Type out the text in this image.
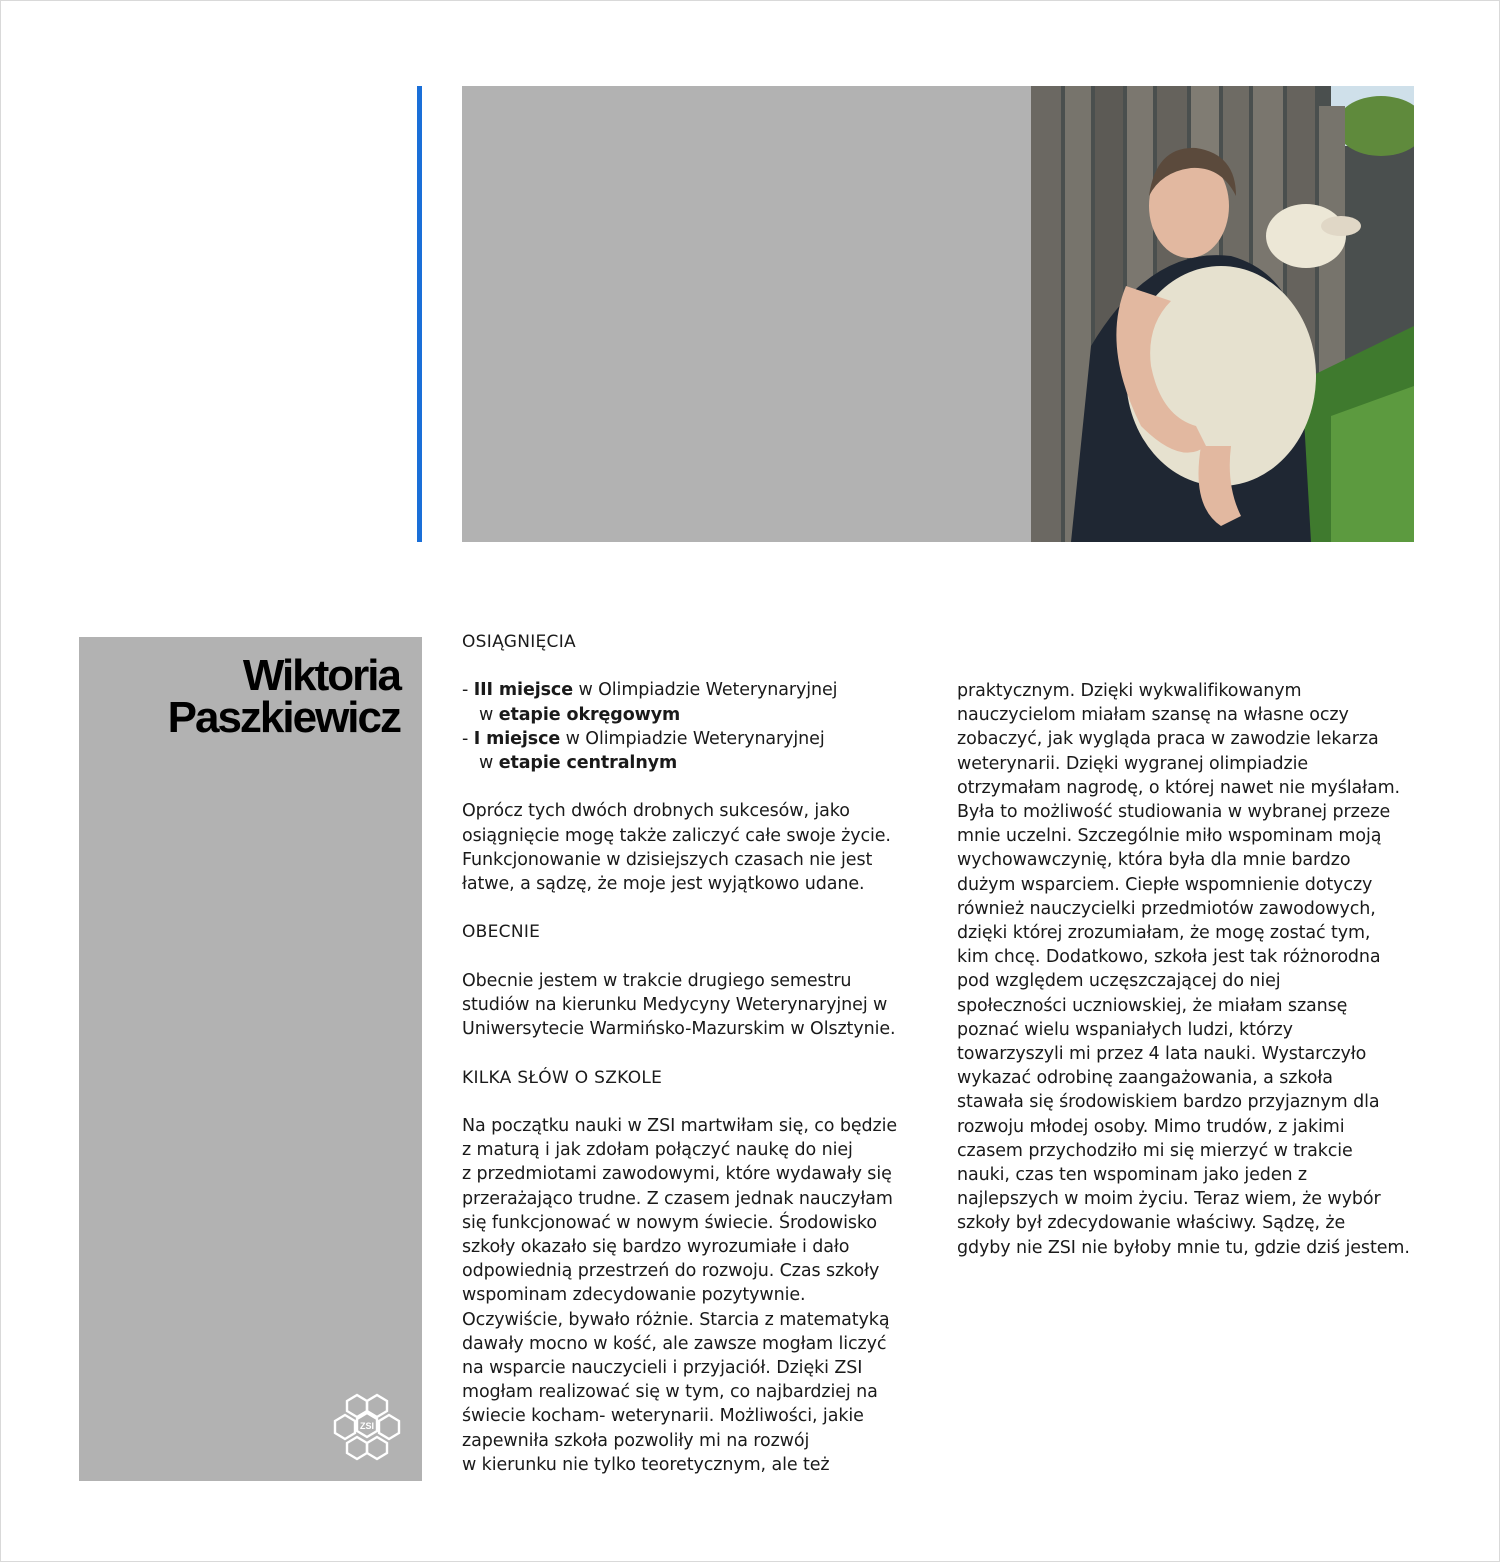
Wiktoria
Paszkiewicz
ZSI

OSIĄGNIĘCIA

- III miejsce w Olimpiadzie Weterynaryjnej
w etapie okręgowym
- I miejsce w Olimpiadzie Weterynaryjnej
w etapie centralnym
Oprócz tych dwóch drobnych sukcesów, jako
osiągnięcie mogę także zaliczyć całe swoje życie.
Funkcjonowanie w dzisiejszych czasach nie jest
łatwe, a sądzę, że moje jest wyjątkowo udane.

OBECNIE

Obecnie jestem w trakcie drugiego semestru
studiów na kierunku Medycyny Weterynaryjnej w
Uniwersytecie Warmińsko-Mazurskim w Olsztynie.

KILKA SŁÓW O SZKOLE

Na początku nauki w ZSI martwiłam się, co będzie
z maturą i jak zdołam połączyć naukę do niej
z przedmiotami zawodowymi, które wydawały się
przerażająco trudne. Z czasem jednak nauczyłam
się funkcjonować w nowym świecie. Środowisko
szkoły okazało się bardzo wyrozumiałe i dało
odpowiednią przestrzeń do rozwoju. Czas szkoły
wspominam zdecydowanie pozytywnie.
Oczywiście, bywało różnie. Starcia z matematyką
dawały mocno w kość, ale zawsze mogłam liczyć
na wsparcie nauczycieli i przyjaciół. Dzięki ZSI
mogłam realizować się w tym, co najbardziej na
świecie kocham- weterynarii. Możliwości, jakie
zapewniła szkoła pozwoliły mi na rozwój
w kierunku nie tylko teoretycznym, ale też
praktycznym. Dzięki wykwalifikowanym
nauczycielom miałam szansę na własne oczy
zobaczyć, jak wygląda praca w zawodzie lekarza
weterynarii. Dzięki wygranej olimpiadzie
otrzymałam nagrodę, o której nawet nie myślałam.
Była to możliwość studiowania w wybranej przeze
mnie uczelni. Szczególnie miło wspominam moją
wychowawczynię, która była dla mnie bardzo
dużym wsparciem. Ciepłe wspomnienie dotyczy
również nauczycielki przedmiotów zawodowych,
dzięki której zrozumiałam, że mogę zostać tym,
kim chcę. Dodatkowo, szkoła jest tak różnorodna
pod względem uczęszczającej do niej
społeczności uczniowskiej, że miałam szansę
poznać wielu wspaniałych ludzi, którzy
towarzyszyli mi przez 4 lata nauki. Wystarczyło
wykazać odrobinę zaangażowania, a szkoła
stawała się środowiskiem bardzo przyjaznym dla
rozwoju młodej osoby. Mimo trudów, z jakimi
czasem przychodziło mi się mierzyć w trakcie
nauki, czas ten wspominam jako jeden z
najlepszych w moim życiu. Teraz wiem, że wybór
szkoły był zdecydowanie właściwy. Sądzę, że
gdyby nie ZSI nie byłoby mnie tu, gdzie dziś jestem.
